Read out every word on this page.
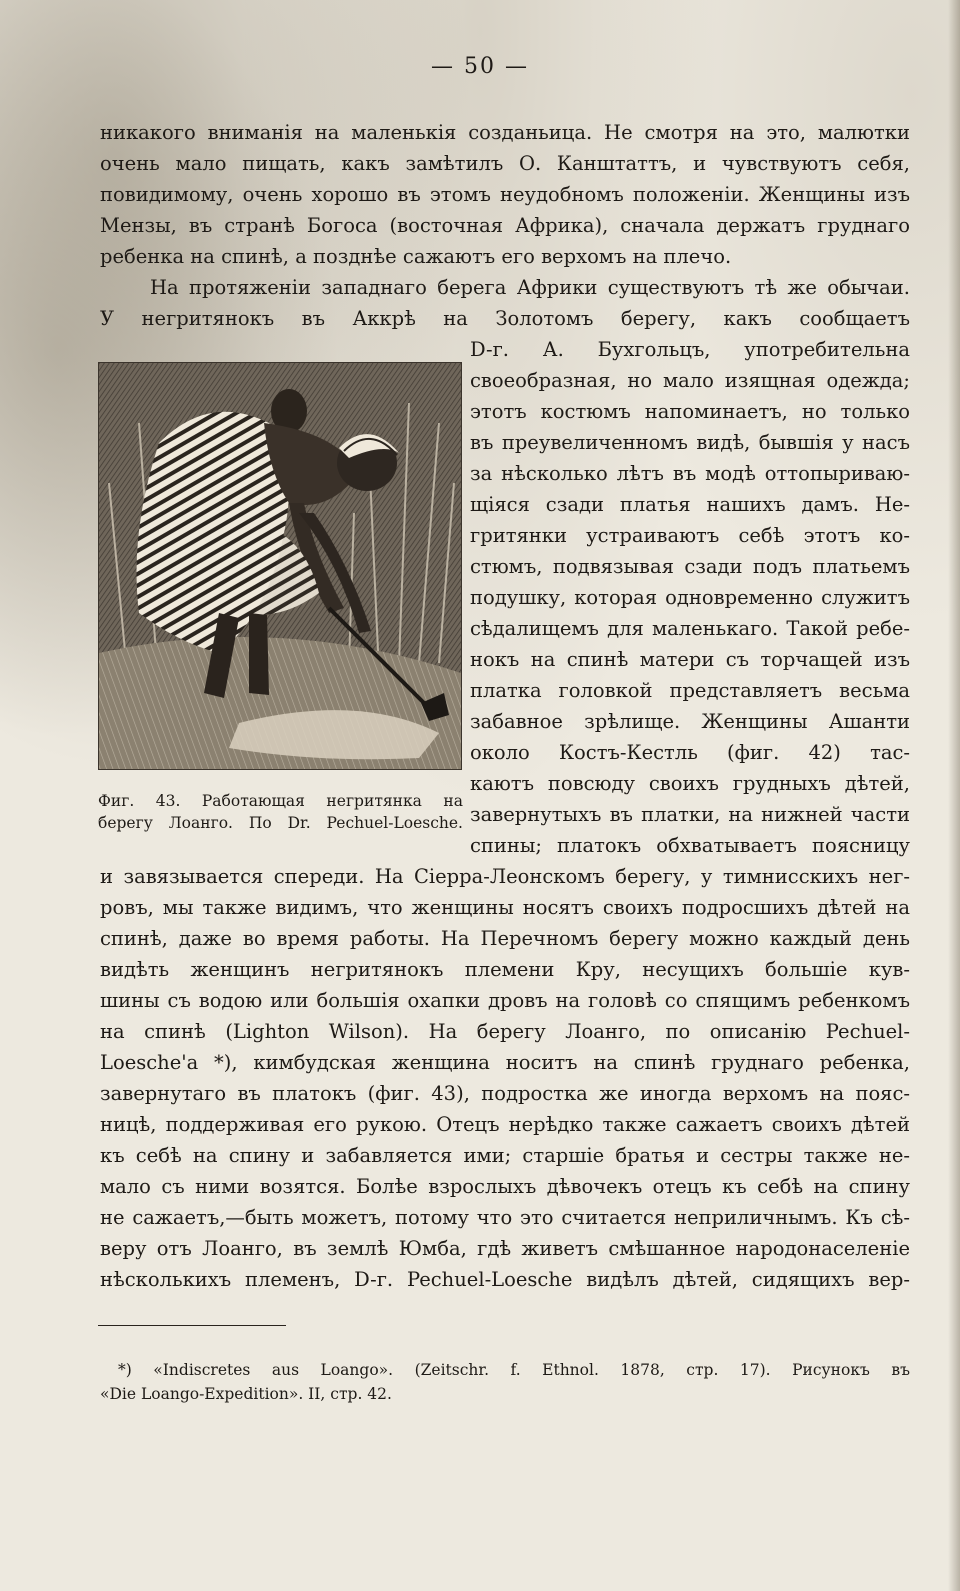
— 50 —
никакого вниманія на маленькія созданьица. Не смотря на это, малютки
очень мало пищать, какъ замѣтилъ О. Канштаттъ, и чувствуютъ себя,
повидимому, очень хорошо въ этомъ неудобномъ положеніи. Женщины изъ
Мензы, въ странѣ Богоса (восточная Африка), сначала держатъ груднаго
ребенка на спинѣ, а позднѣе сажаютъ его верхомъ на плечо.
На протяженіи западнаго берега Африки существуютъ тѣ же обычаи.
У негритянокъ въ Аккрѣ на Золотомъ берегу, какъ сообщаетъ
D-г. А. Бухгольцъ, употребительна
своеобразная, но мало изящная одежда;
этотъ костюмъ напоминаетъ, но только
въ преувеличенномъ видѣ, бывшія у насъ
за нѣсколько лѣтъ въ модѣ оттопыриваю-
щіяся сзади платья нашихъ дамъ. Не-
гритянки устраиваютъ себѣ этотъ ко-
стюмъ, подвязывая сзади подъ платьемъ
подушку, которая одновременно служитъ
сѣдалищемъ для маленькаго. Такой ребе-
нокъ на спинѣ матери съ торчащей изъ
платка головкой представляетъ весьма
забавное зрѣлище. Женщины Ашанти
около Костъ-Кестль (фиг. 42) тас-
каютъ повсюду своихъ грудныхъ дѣтей,
завернутыхъ въ платки, на нижней части
спины; платокъ обхватываетъ поясницу
Фиг. 43. Работающая негритянка на
берегу Лоанго. По Dr. Pechuel-Loesche.
и завязывается спереди. На Сіерра-Леонскомъ берегу, у тимнисскихъ нег-
ровъ, мы также видимъ, что женщины носятъ своихъ подросшихъ дѣтей на
спинѣ, даже во время работы. На Перечномъ берегу можно каждый день
видѣть женщинъ негритянокъ племени Кру, несущихъ большіе кув-
шины съ водою или большія охапки дровъ на головѣ со спящимъ ребенкомъ
на спинѣ (Lighton Wilson). На берегу Лоанго, по описанію Pechuel-
Loesche'a *), кимбудская женщина носитъ на спинѣ груднаго ребенка,
завернутаго въ платокъ (фиг. 43), подростка же иногда верхомъ на пояс-
ницѣ, поддерживая его рукою. Отецъ нерѣдко также сажаетъ своихъ дѣтей
къ себѣ на спину и забавляется ими; старшіе братья и сестры также не-
мало съ ними возятся. Болѣе взрослыхъ дѣвочекъ отецъ къ себѣ на спину
не сажаетъ,—быть можетъ, потому что это считается неприличнымъ. Къ сѣ-
веру отъ Лоанго, въ землѣ Юмба, гдѣ живетъ смѣшанное народонаселеніе
нѣсколькихъ племенъ, D-г. Pechuel-Loesche видѣлъ дѣтей, сидящихъ вер-
*) «Indiscretes aus Loango». (Zeitschr. f. Ethnol. 1878, стр. 17). Рисунокъ въ
«Die Loango-Expedition». II, стр. 42.
